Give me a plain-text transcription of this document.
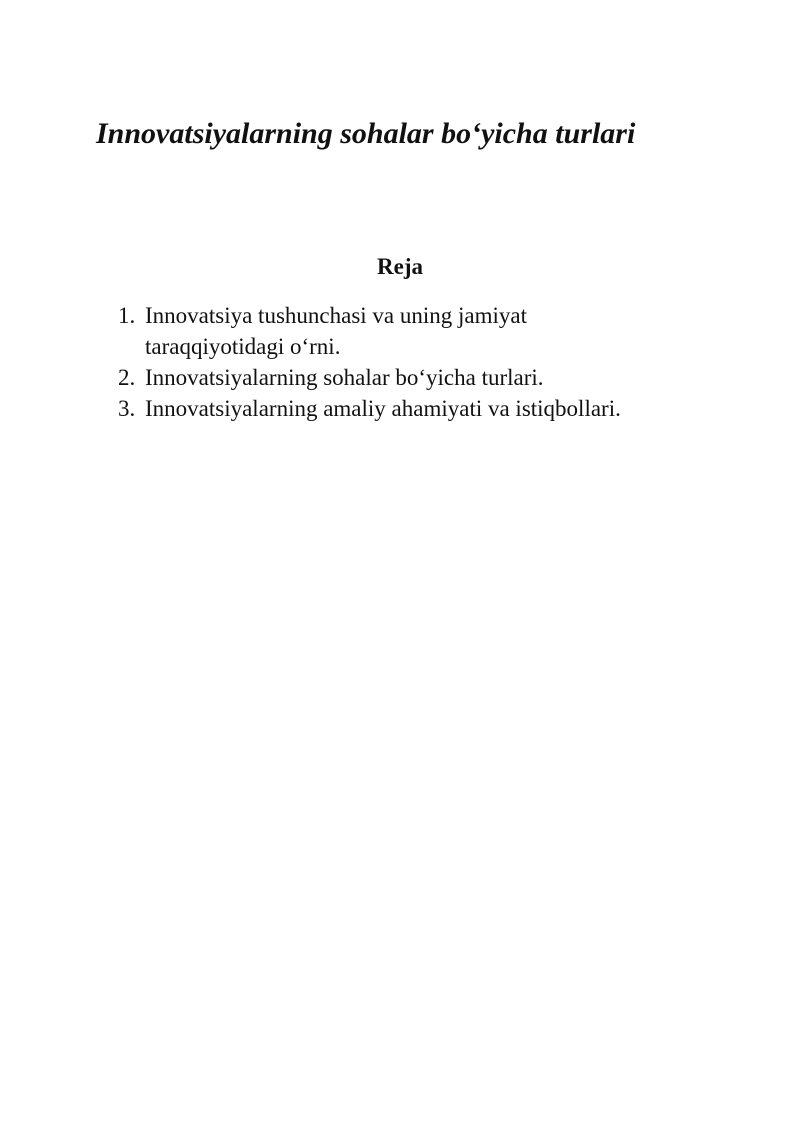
Innovatsiyalarning sohalar bo‘yicha turlari
Reja
1. Innovatsiya tushunchasi va uning jamiyat taraqqiyotidagi o‘rni.
2. Innovatsiyalarning sohalar bo‘yicha turlari.
3. Innovatsiyalarning amaliy ahamiyati va istiqbollari.
